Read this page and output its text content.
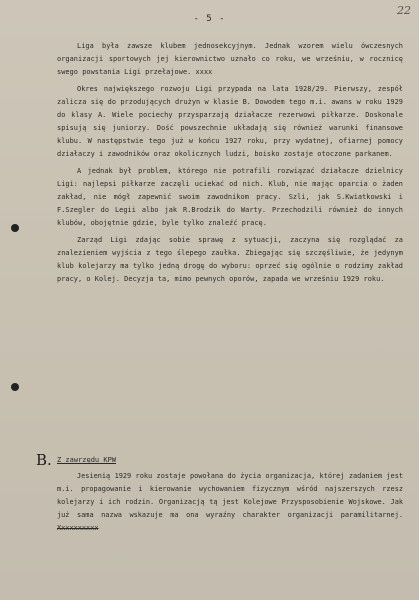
- 5 -
22

Liga była zawsze klubem jednosekcyjnym. Jednak wzorem wielu ówczesnych organizacji sportowych jej kierownictwo uznało co roku, we wrześniu, w rocznicę swego powstania Ligi przełajowe. xxxx

Okres największego rozwoju Ligi przypada na lata 1928/29. Pierwszy, zespół zalicza się do przodujących drużyn w klasie B. Dowodem tego m.i. awans w roku 1929 do klasy A. Wiele pociechy przysparzają działacze rezerwowi piłkarze. Doskonale spisują się juniorzy. Dość powszechnie układają się również warunki finansowe klubu. W następstwie tego już w końcu 1927 roku, przy wydatnej, ofiarnej pomocy działaczy i zawodników oraz okolicznych ludzi, boisko zostaje otoczone parkanem.

A jednak był problem, którego nie potrafili rozwiązać działacze dzielnicy Ligi: najlepsi piłkarze zaczęli uciekać od nich. Klub, nie mając oparcia o żaden zakład, nie mógł zapewnić swoim zawodnikom pracy. Szli, jak S.Kwiatkowski i F.Szegler do Legii albo jak R.Brodzik do Warty. Przechodzili również do innych klubów, obojętnie gdzie, byle tylko znaleźć pracę.

Zarząd Ligi zdając sobie sprawę z sytuacji, zaczyna się rozglądać za znalezieniem wyjścia z tego ślepego zaułka. Zbiegając się szczęśliwie, że jedynym klub kolejarzy ma tylko jedną drogę do wyboru: oprzeć się ogólnie o rodzimy zakład pracy, o Kolej. Decyzja ta, mimo pewnych oporów, zapada we wrześniu 1929 roku.

B. Z zawrzędu KPW

Jesienią 1929 roku zostaje powołana do życia organizacja, której zadaniem jest m.i. propagowanie i kierowanie wychowaniem fizycznym wśród najszerszych rzesz kolejarzy i ich rodzin. Organizacją tą jest Kolejowe Przysposobienie Wojskowe. Jak już sama nazwa wskazuje ma ona wyraźny charakter organizacji paramilitarnej. Xxxxxxxxxx
